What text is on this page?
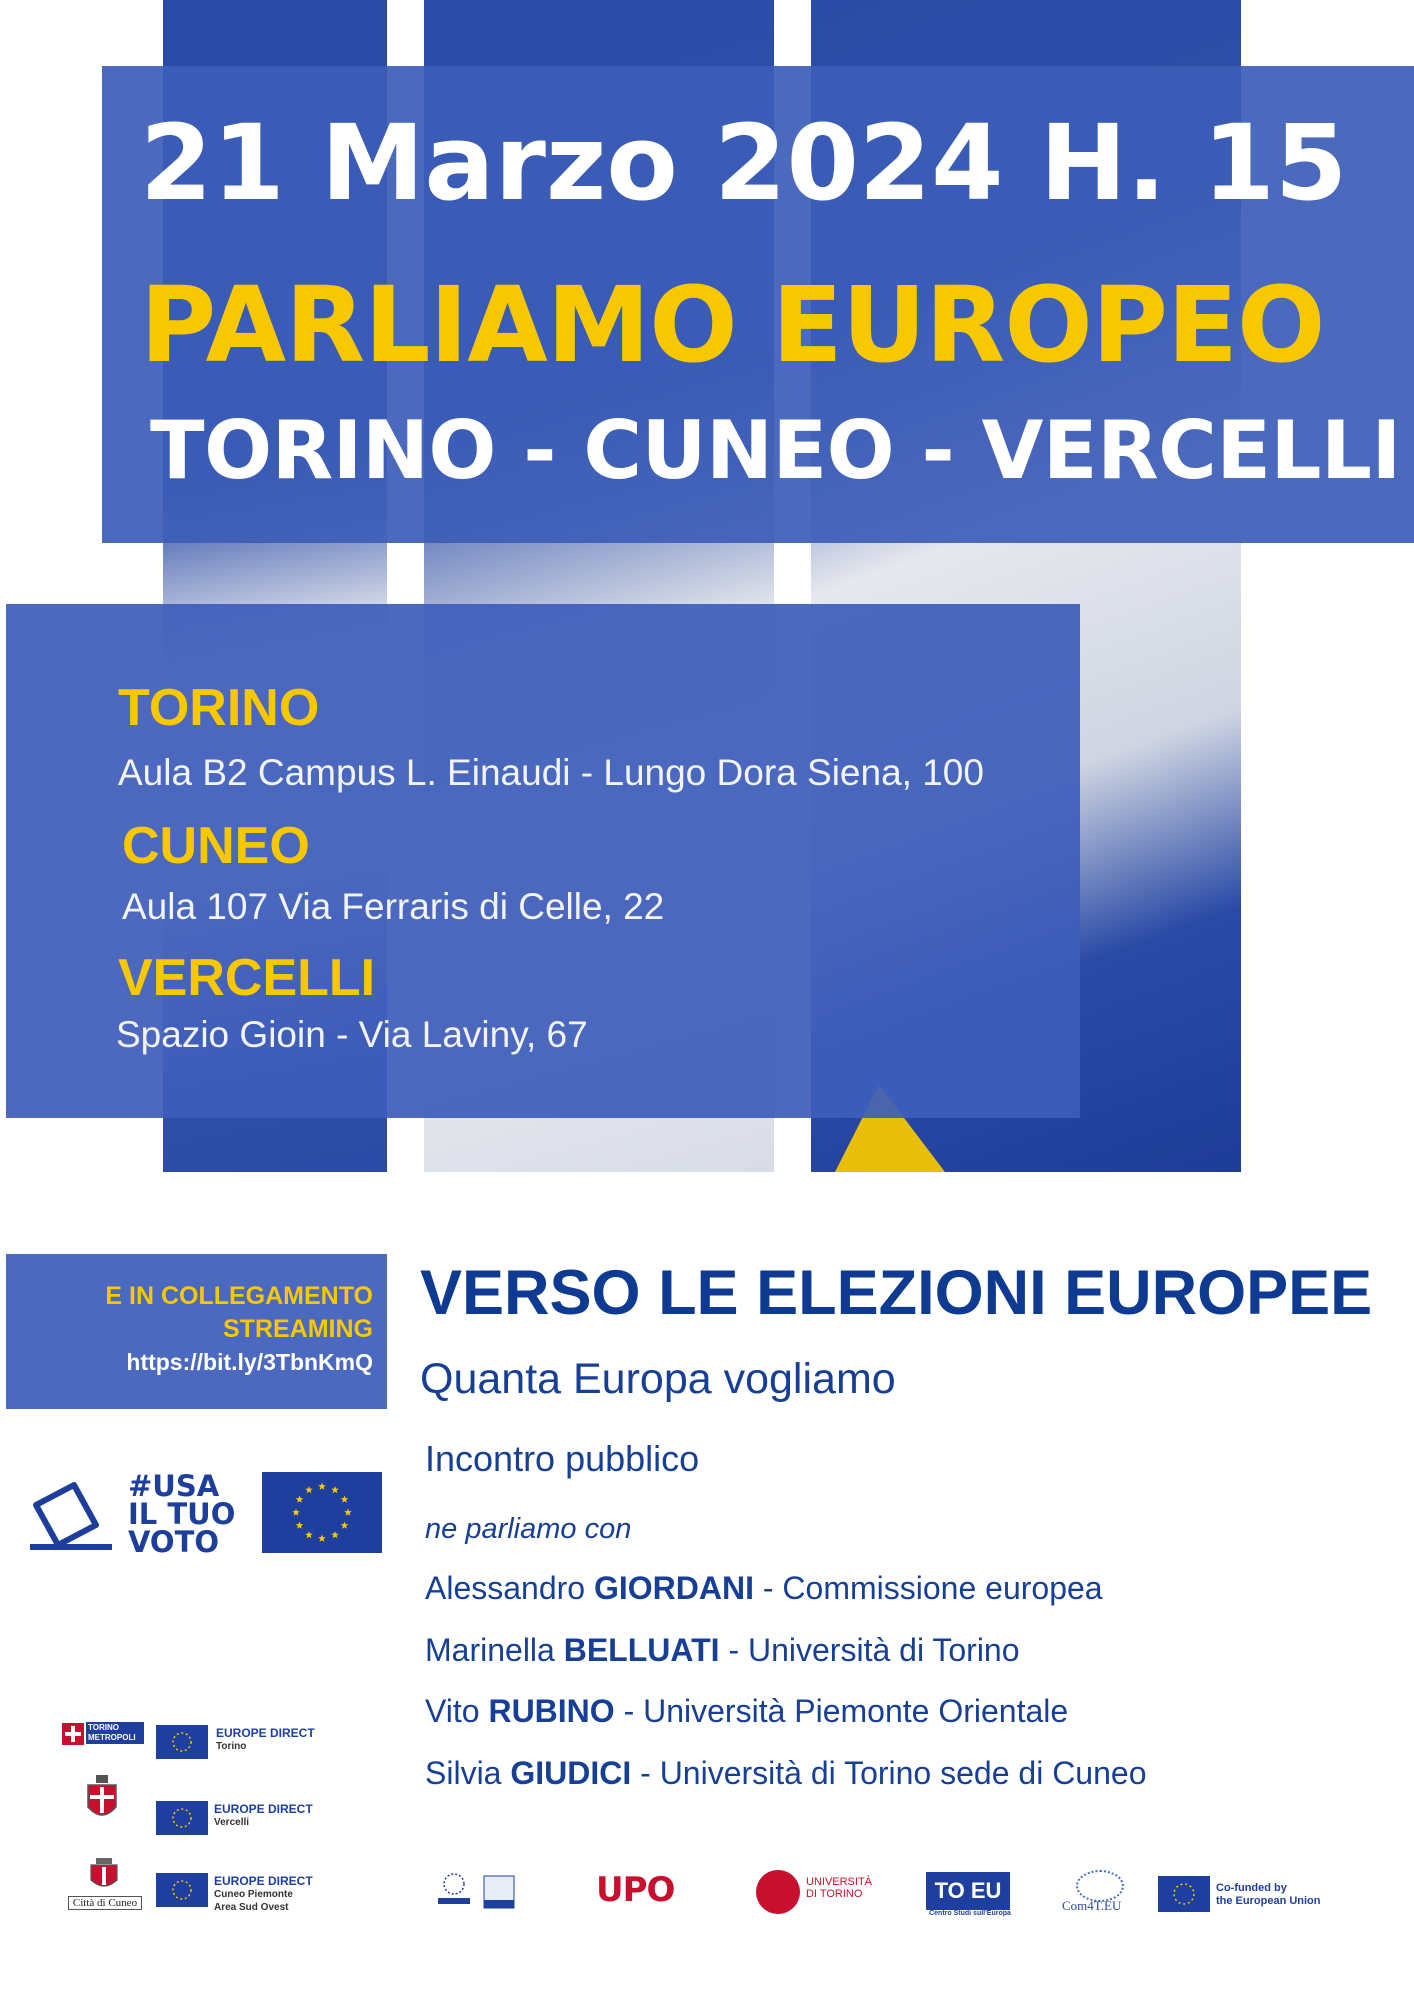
21 Marzo 2024 H. 15
PARLIAMO EUROPEO
TORINO - CUNEO - VERCELLI
TORINO
Aula B2 Campus L. Einaudi - Lungo Dora Siena, 100
CUNEO
Aula 107 Via Ferraris di Celle, 22
VERCELLI
Spazio Gioin - Via Laviny, 67
E IN COLLEGAMENTO
STREAMING
https://bit.ly/3TbnKmQ
#USA
IL TUO
VOTO
VERSO LE ELEZIONI EUROPEE
Quanta Europa vogliamo
Incontro pubblico
ne parliamo con
Alessandro GIORDANI - Commissione europea
Marinella BELLUATI - Università di Torino
Vito RUBINO - Università Piemonte Orientale
Silvia GIUDICI - Università di Torino sede di Cuneo
TORINO METROPOLI	EUROPE DIRECT
Torino
EUROPE DIRECT
Vercelli
Città di Cuneo
EUROPE DIRECT
Cuneo Piemonte
Area Sud Ovest	UPO	UNIVERSITÀ
DI TORINO	TO EU
Centro Studi sull'Europa
Com4T.EU
Co-funded by
the European Union
